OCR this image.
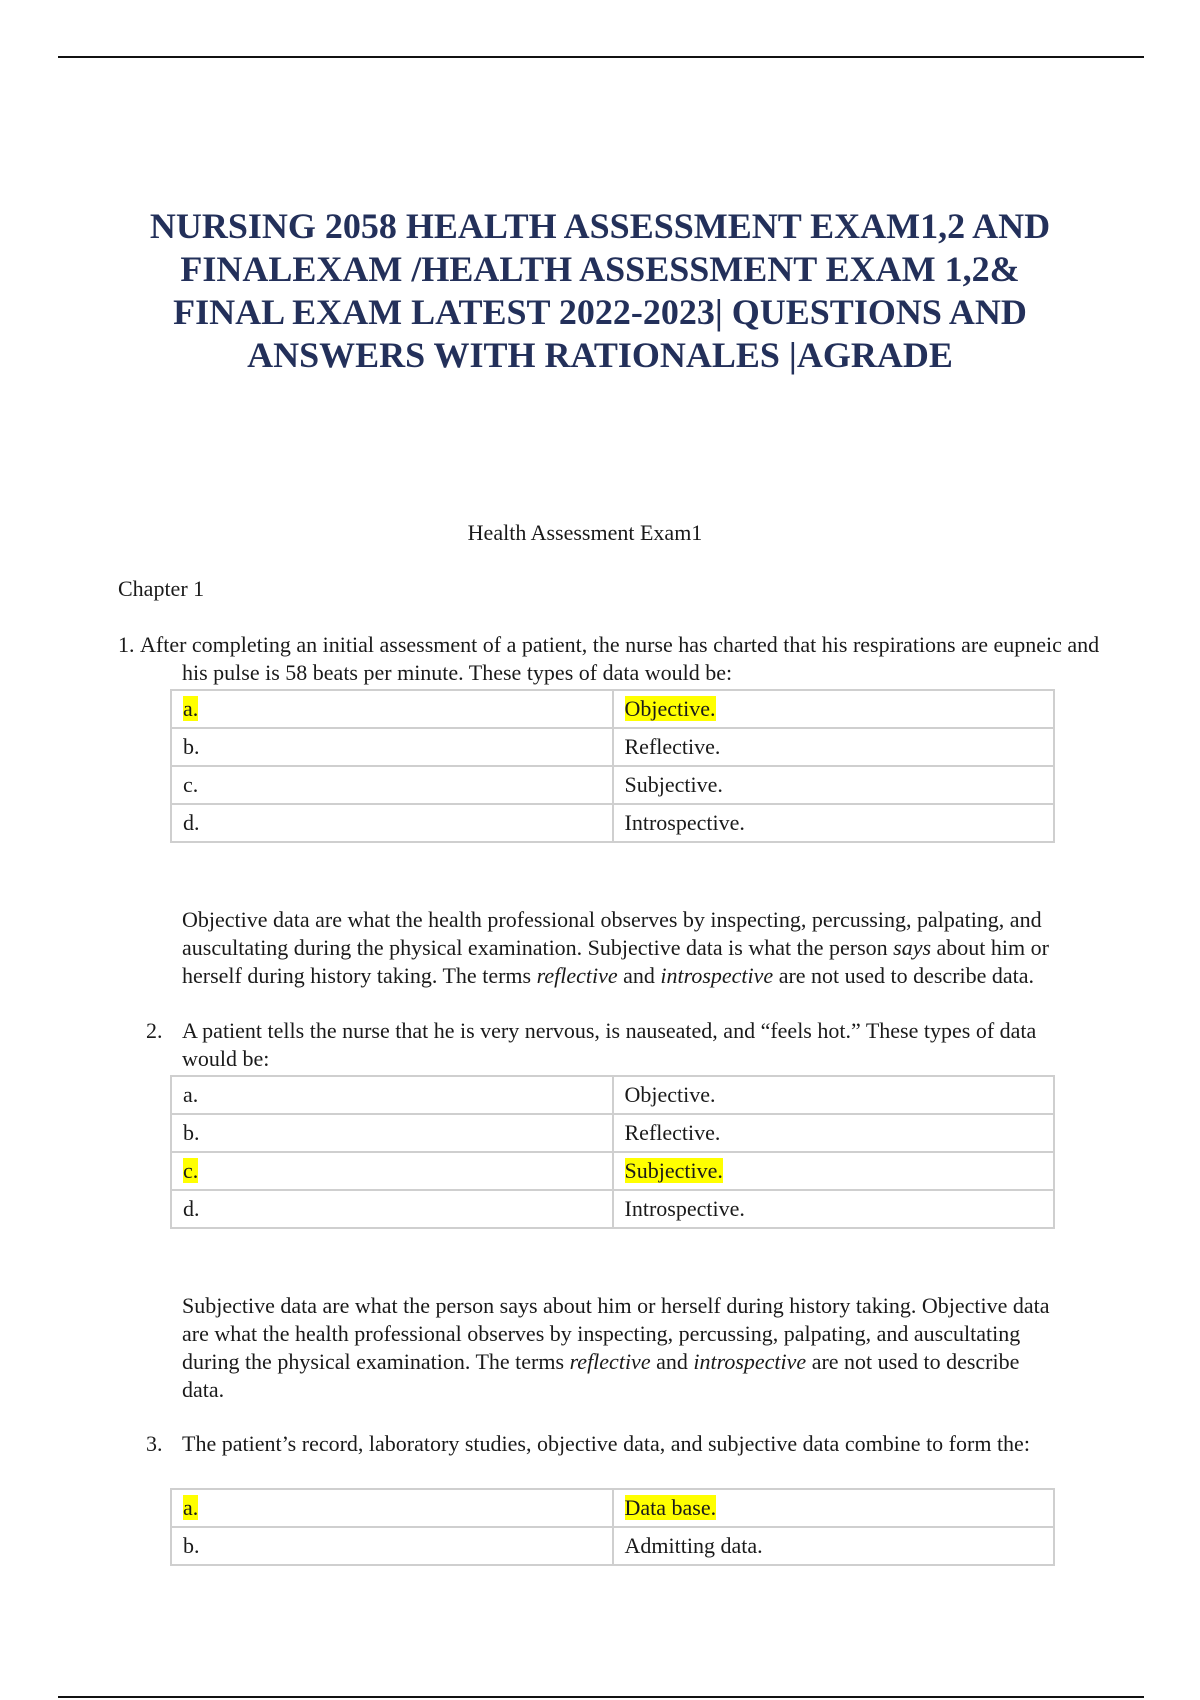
NURSING 2058 HEALTH ASSESSMENT EXAM1,2 AND
FINALEXAM /HEALTH ASSESSMENT EXAM 1,2&
FINAL EXAM LATEST 2022-2023| QUESTIONS AND
ANSWERS WITH RATIONALES |AGRADE

Health Assessment Exam1

Chapter 1

1. After completing an initial assessment of a patient, the nurse has charted that his respirations are eupneic and his pulse is 58 beats per minute. These types of data would be:
a.	Objective.
b.	Reflective.
c.	Subjective.
d.	Introspective.

Objective data are what the health professional observes by inspecting, percussing, palpating, and auscultating during the physical examination. Subjective data is what the person says about him or herself during history taking. The terms reflective and introspective are not used to describe data.

2. A patient tells the nurse that he is very nervous, is nauseated, and “feels hot.” These types of data would be:
a.	Objective.
b.	Reflective.
c.	Subjective.
d.	Introspective.

Subjective data are what the person says about him or herself during history taking. Objective data are what the health professional observes by inspecting, percussing, palpating, and auscultating during the physical examination. The terms reflective and introspective are not used to describe data.

3. The patient’s record, laboratory studies, objective data, and subjective data combine to form the:
a.	Data base.
b.	Admitting data.
